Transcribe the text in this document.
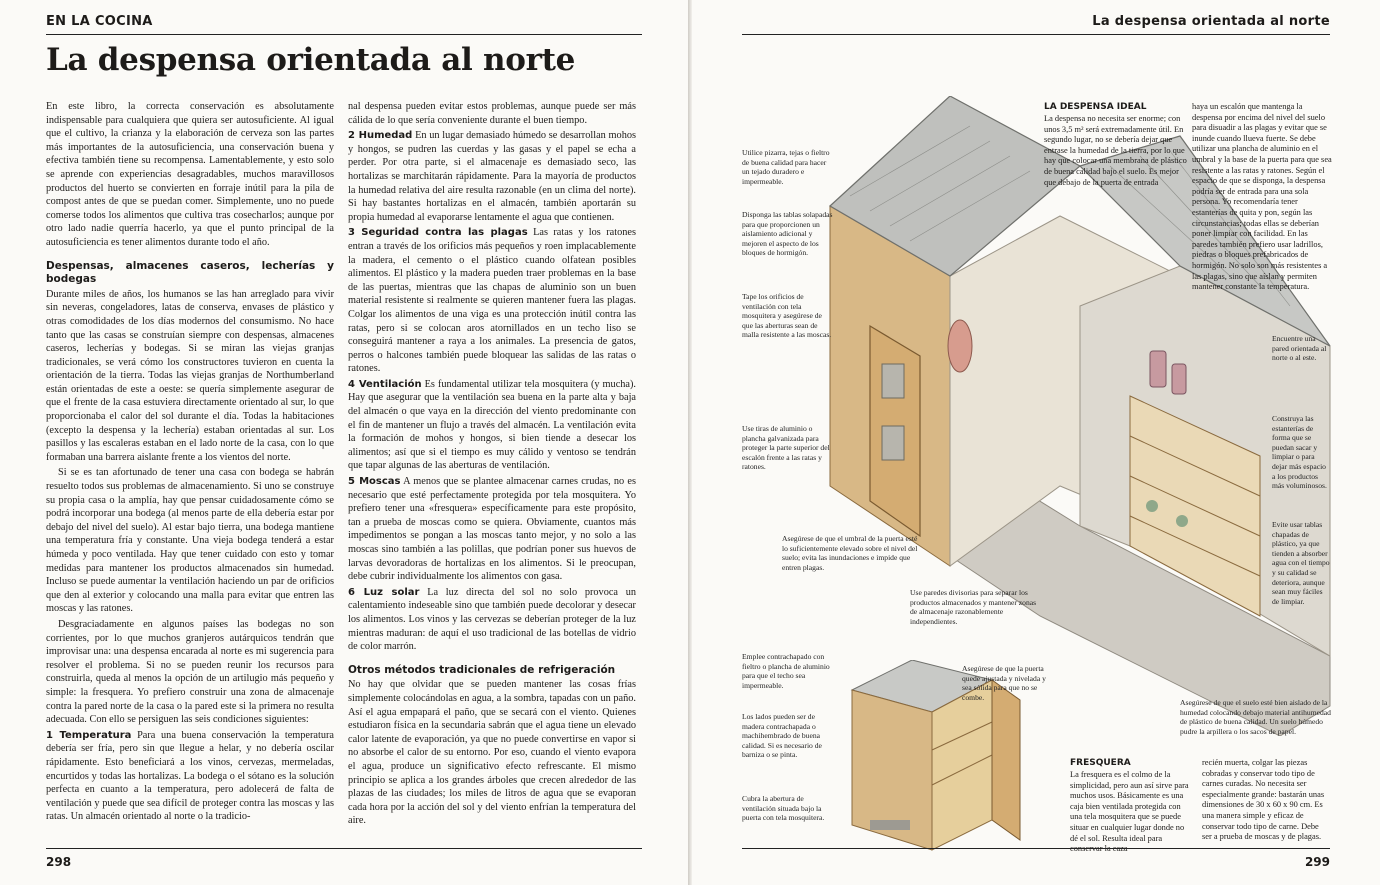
EN LA COCINA
La despensa orientada al norte

En este libro, la correcta conservación es absolutamente indispensable para cualquiera que quiera ser autosuficiente. Al igual que el cultivo, la crianza y la elaboración de cerveza son las partes más importantes de la autosuficiencia, una conservación buena y efectiva también tiene su recompensa. Lamentablemente, y esto solo se aprende con experiencias desagradables, muchos maravillosos productos del huerto se convierten en forraje inútil para la pila de compost antes de que se puedan comer. Simplemente, uno no puede comerse todos los alimentos que cultiva tras cosecharlos; aunque por otro lado nadie querría hacerlo, ya que el punto principal de la autosuficiencia es tener alimentos durante todo el año.

Despensas, almacenes caseros, lecherías y bodegas

Durante miles de años, los humanos se las han arreglado para vivir sin neveras, congeladores, latas de conserva, envases de plástico y otras comodidades de los días modernos del consumismo. No hace tanto que las casas se construían siempre con despensas, almacenes caseros, lecherías y bodegas. Si se miran las viejas granjas tradicionales, se verá cómo los constructores tuvieron en cuenta la orientación de la tierra. Todas las viejas granjas de Northumberland están orientadas de este a oeste: se quería simplemente asegurar de que el frente de la casa estuviera directamente orientado al sur, lo que proporcionaba el calor del sol durante el día. Todas la habitaciones (excepto la despensa y la lechería) estaban orientadas al sur. Los pasillos y las escaleras estaban en el lado norte de la casa, con lo que formaban una barrera aislante frente a los vientos del norte.

Si se es tan afortunado de tener una casa con bodega se habrán resuelto todos sus problemas de almacenamiento. Si uno se construye su propia casa o la amplía, hay que pensar cuidadosamente cómo se podrá incorporar una bodega (al menos parte de ella debería estar por debajo del nivel del suelo). Al estar bajo tierra, una bodega mantiene una temperatura fría y constante. Una vieja bodega tenderá a estar húmeda y poco ventilada. Hay que tener cuidado con esto y tomar medidas para mantener los productos almacenados sin humedad. Incluso se puede aumentar la ventilación haciendo un par de orificios que den al exterior y colocando una malla para evitar que entren las moscas y las ratones.

Desgraciadamente en algunos países las bodegas no son corrientes, por lo que muchos granjeros autárquicos tendrán que improvisar una: una despensa encarada al norte es mi sugerencia para resolver el problema. Si no se pueden reunir los recursos para construirla, queda al menos la opción de un artilugio más pequeño y simple: la fresquera. Yo prefiero construir una zona de almacenaje contra la pared norte de la casa o la pared este si la primera no resulta adecuada. Con ello se persiguen las seis condiciones siguientes:

1 Temperatura Para una buena conservación la temperatura debería ser fría, pero sin que llegue a helar, y no debería oscilar rápidamente. Esto beneficiará a los vinos, cervezas, mermeladas, encurtidos y todas las hortalizas. La bodega o el sótano es la solución perfecta en cuanto a la temperatura, pero adolecerá de falta de ventilación y puede que sea difícil de proteger contra las moscas y las ratas. Un almacén orientado al norte o la tradicio-

nal despensa pueden evitar estos problemas, aunque puede ser más cálida de lo que sería conveniente durante el buen tiempo.

2 Humedad En un lugar demasiado húmedo se desarrollan mohos y hongos, se pudren las cuerdas y las gasas y el papel se echa a perder. Por otra parte, si el almacenaje es demasiado seco, las hortalizas se marchitarán rápidamente. Para la mayoría de productos la humedad relativa del aire resulta razonable (en un clima del norte). Si hay bastantes hortalizas en el almacén, también aportarán su propia humedad al evaporarse lentamente el agua que contienen.

3 Seguridad contra las plagas Las ratas y los ratones entran a través de los orificios más pequeños y roen implacablemente la madera, el cemento o el plástico cuando olfatean posibles alimentos. El plástico y la madera pueden traer problemas en la base de las puertas, mientras que las chapas de aluminio son un buen material resistente si realmente se quieren mantener fuera las plagas. Colgar los alimentos de una viga es una protección inútil contra las ratas, pero si se colocan aros atornillados en un techo liso se conseguirá mantener a raya a los animales. La presencia de gatos, perros o halcones también puede bloquear las salidas de las ratas o ratones.

4 Ventilación Es fundamental utilizar tela mosquitera (y mucha). Hay que asegurar que la ventilación sea buena en la parte alta y baja del almacén o que vaya en la dirección del viento predominante con el fin de mantener un flujo a través del almacén. La ventilación evita la formación de mohos y hongos, si bien tiende a desecar los alimentos; así que si el tiempo es muy cálido y ventoso se tendrán que tapar algunas de las aberturas de ventilación.

5 Moscas A menos que se plantee almacenar carnes crudas, no es necesario que esté perfectamente protegida por tela mosquitera. Yo prefiero tener una «fresquera» específicamente para este propósito, tan a prueba de moscas como se quiera. Obviamente, cuantos más impedimentos se pongan a las moscas tanto mejor, y no solo a las moscas sino también a las polillas, que podrían poner sus huevos de larvas devoradoras de hortalizas en los alimentos. Si le preocupan, debe cubrir individualmente los alimentos con gasa.

6 Luz solar La luz directa del sol no solo provoca un calentamiento indeseable sino que también puede decolorar y desecar los alimentos. Los vinos y las cervezas se deberían proteger de la luz mientras maduran: de aquí el uso tradicional de las botellas de vidrio de color marrón.

Otros métodos tradicionales de refrigeración

No hay que olvidar que se pueden mantener las cosas frías simplemente colocándolas en agua, a la sombra, tapadas con un paño. Así el agua empapará el paño, que se secará con el viento. Quienes estudiaron física en la secundaria sabrán que el agua tiene un elevado calor latente de evaporación, ya que no puede convertirse en vapor si no absorbe el calor de su entorno. Por eso, cuando el viento evapora el agua, produce un significativo efecto refrescante. El mismo principio se aplica a los grandes árboles que crecen alrededor de las plazas de las ciudades; los miles de litros de agua que se evaporan cada hora por la acción del sol y del viento enfrían la temperatura del aire.

298
La despensa orientada al norte
Utilice pizarra, tejas o fieltro de buena calidad para hacer un tejado duradero e impermeable.
Disponga las tablas solapadas para que proporcionen un aislamiento adicional y mejoren el aspecto de los bloques de hormigón.
Tape los orificios de ventilación con tela mosquitera y asegúrese de que las aberturas sean de malla resistente a las moscas.
Use tiras de aluminio o plancha galvanizada para proteger la parte superior del escalón frente a las ratas y ratones.
Asegúrese de que el umbral de la puerta esté lo suficientemente elevado sobre el nivel del suelo; evita las inundaciones e impide que entren plagas.
Use paredes divisorias para separar los productos almacenados y mantener zonas de almacenaje razonablemente independientes.
Encuentre una pared orientada al norte o al este.
Construya las estanterías de forma que se puedan sacar y limpiar o para dejar más espacio a los productos más voluminosos.
Evite usar tablas chapadas de plástico, ya que tienden a absorber agua con el tiempo y su calidad se deteriora, aunque sean muy fáciles de limpiar.
Asegúrese de que el suelo esté bien aislado de la humedad colocando debajo material antihumedad de plástico de buena calidad. Un suelo húmedo pudre la arpillera o los sacos de papel.
Emplee contrachapado con fieltro o plancha de aluminio para que el techo sea impermeable.
Los lados pueden ser de madera contrachapada o machihembrado de buena calidad. Si es necesario de barniza o se pinta.
Cubra la abertura de ventilación situada bajo la puerta con tela mosquitera.
Asegúrese de que la puerta quede ajustada y nivelada y sea sólida para que no se combe.
LA DESPENSA IDEAL
La despensa no necesita ser enorme; con unos 3,5 m² será extremadamente útil. En segundo lugar, no se debería dejar que entrase la humedad de la tierra, por lo que hay que colocar una membrana de plástico de buena calidad bajo el suelo. Es mejor que debajo de la puerta de entrada
haya un escalón que mantenga la despensa por encima del nivel del suelo para disuadir a las plagas y evitar que se inunde cuando llueva fuerte. Se debe utilizar una plancha de aluminio en el umbral y la base de la puerta para que sea resistente a las ratas y ratones. Según el espacio de que se disponga, la despensa podría ser de entrada para una sola persona. Yo recomendaría tener estanterías de quita y pon, según las circunstancias; todas ellas se deberían poner limpiar con facilidad. En las paredes también prefiero usar ladrillos, piedras o bloques prefabricados de hormigón. No solo son más resistentes a las plagas, sino que aíslan y permiten mantener constante la temperatura.
FRESQUERA
La fresquera es el colmo de la simplicidad, pero aun así sirve para muchos usos. Básicamente es una caja bien ventilada protegida con una tela mosquitera que se puede situar en cualquier lugar donde no dé el sol. Resulta ideal para
recién muerta, colgar las piezas cobradas y conservar todo tipo de carnes curadas. No necesita ser especialmente grande: bastarán unas dimensiones de 30 x 60 x 90 cm. Es una manera simple y eficaz de conservar todo tipo de carne. Debe ser a prueba de moscas y de plagas.
299
